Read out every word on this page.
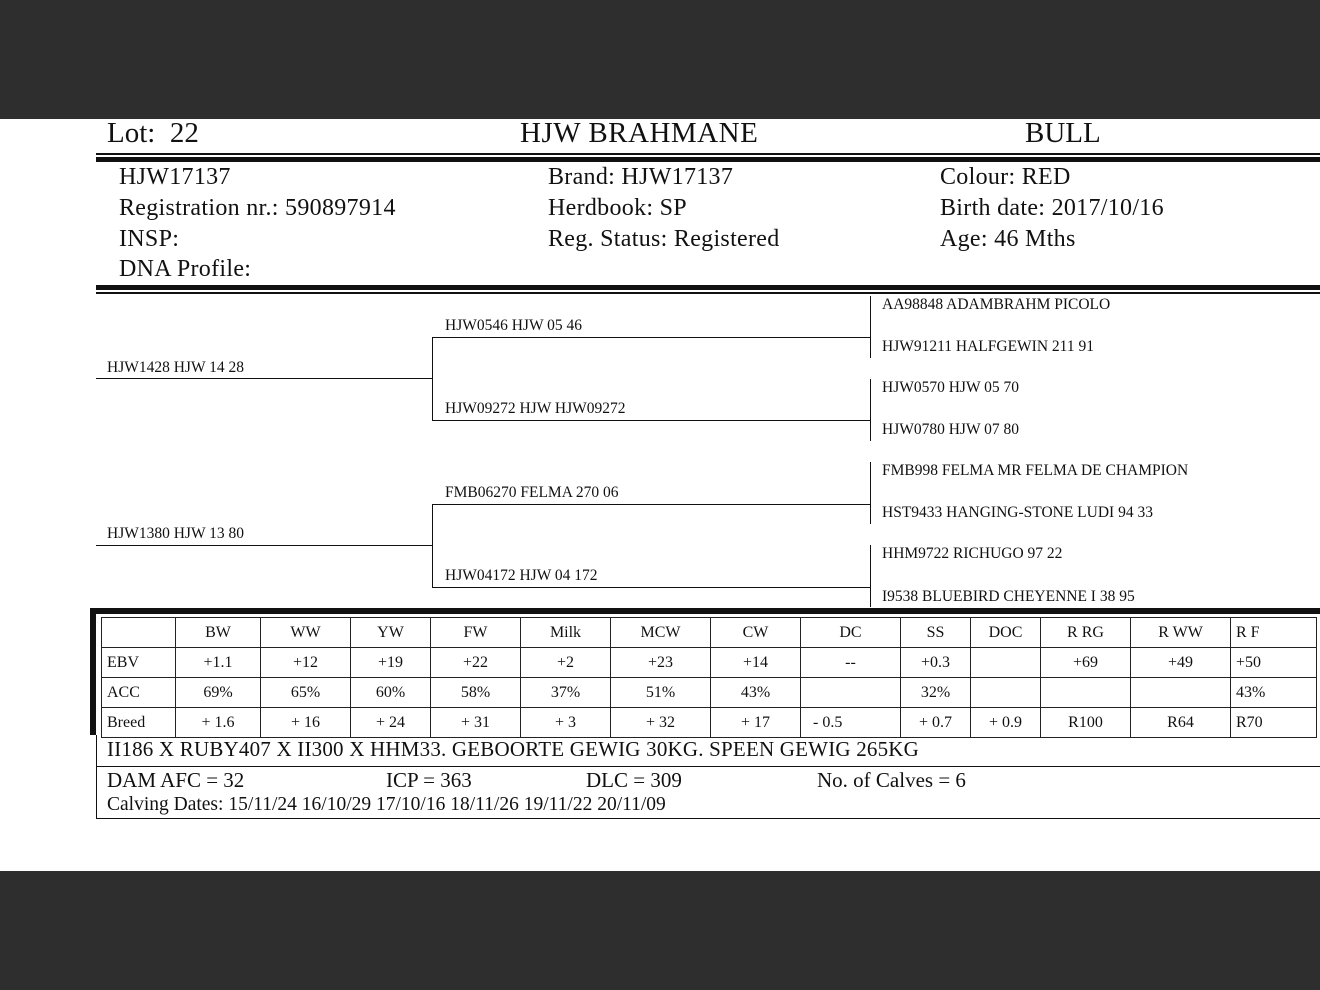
Lot: 22	HJW BRAHMANE	BULL
HJW17137
Registration nr.: 590897914
INSP:
DNA Profile:
Brand: HJW17137
Herdbook: SP
Reg. Status: Registered
Colour: RED
Birth date: 2017/10/16
Age: 46 Mths
HJW1428 HJW 14 28
HJW1380 HJW 13 80
HJW0546 HJW 05 46
HJW09272 HJW HJW09272
FMB06270 FELMA 270 06
HJW04172 HJW 04 172
AA98848 ADAMBRAHM PICOLO
HJW91211 HALFGEWIN 211 91
HJW0570 HJW 05 70
HJW0780 HJW 07 80
FMB998 FELMA MR FELMA DE CHAMPION
HST9433 HANGING-STONE LUDI 94 33
HHM9722 RICHUGO 97 22
I9538 BLUEBIRD CHEYENNE I 38 95
	BW	WW	YW	FW	Milk	MCW	CW	DC	SS	DOC	R RG	R WW	R F
EBV	+1.1	+12	+19	+22	+2	+23	+14	--	+0.3		+69	+49	+50
ACC	69%	65%	60%	58%	37%	51%	43%		32%				43%
Breed	+ 1.6	+ 16	+ 24	+ 31	+ 3	+ 32	+ 17	- 0.5	+ 0.7	+ 0.9	R100	R64	R70
II186 X RUBY407 X II300 X HHM33. GEBOORTE GEWIG 30KG. SPEEN GEWIG 265KG
DAM AFC = 32	ICP = 363	DLC = 309	No. of Calves = 6
Calving Dates: 15/11/24 16/10/29 17/10/16 18/11/26 19/11/22 20/11/09
